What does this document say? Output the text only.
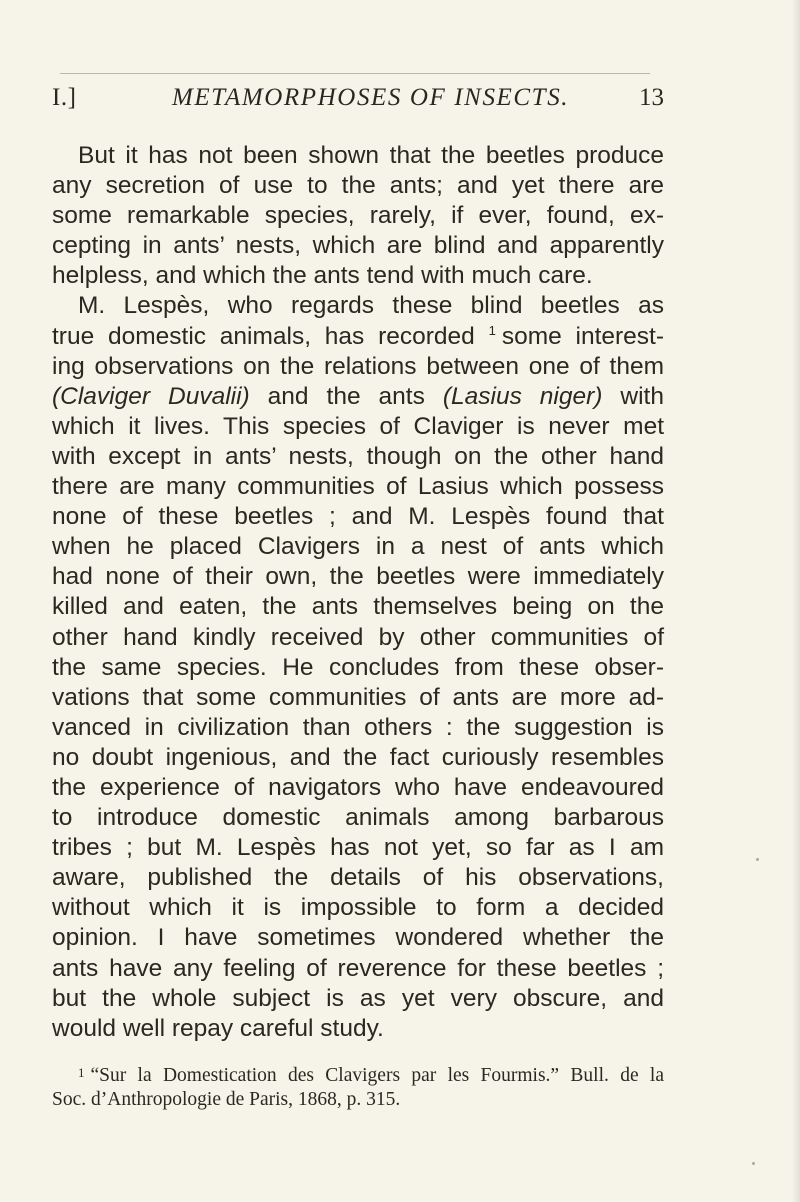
I.]	METAMORPHOSES OF INSECTS.	13
But it has not been shown that the beetles produce
any secretion of use to the ants; and yet there are
some remarkable species, rarely, if ever, found, ex-
cepting in ants’ nests, which are blind and apparently
helpless, and which the ants tend with much care.
M. Lespès, who regards these blind beetles as
true domestic animals, has recorded $^1$ some interest-
ing observations on the relations between one of them
(Claviger Duvalii) and the ants (Lasius niger) with
which it lives. This species of Claviger is never met
with except in ants’ nests, though on the other hand
there are many communities of Lasius which possess
none of these beetles ; and M. Lespès found that
when he placed Clavigers in a nest of ants which
had none of their own, the beetles were immediately
killed and eaten, the ants themselves being on the
other hand kindly received by other communities of
the same species. He concludes from these obser-
vations that some communities of ants are more ad-
vanced in civilization than others : the suggestion is
no doubt ingenious, and the fact curiously resembles
the experience of navigators who have endeavoured
to introduce domestic animals among barbarous
tribes ; but M. Lespès has not yet, so far as I am
aware, published the details of his observations,
without which it is impossible to form a decided
opinion. I have sometimes wondered whether the
ants have any feeling of reverence for these beetles ;
but the whole subject is as yet very obscure, and
would well repay careful study.
$^1$ “Sur la Domestication des Clavigers par les Fourmis.” Bull. de la
Soc. d’Anthropologie de Paris, 1868, p. 315.
